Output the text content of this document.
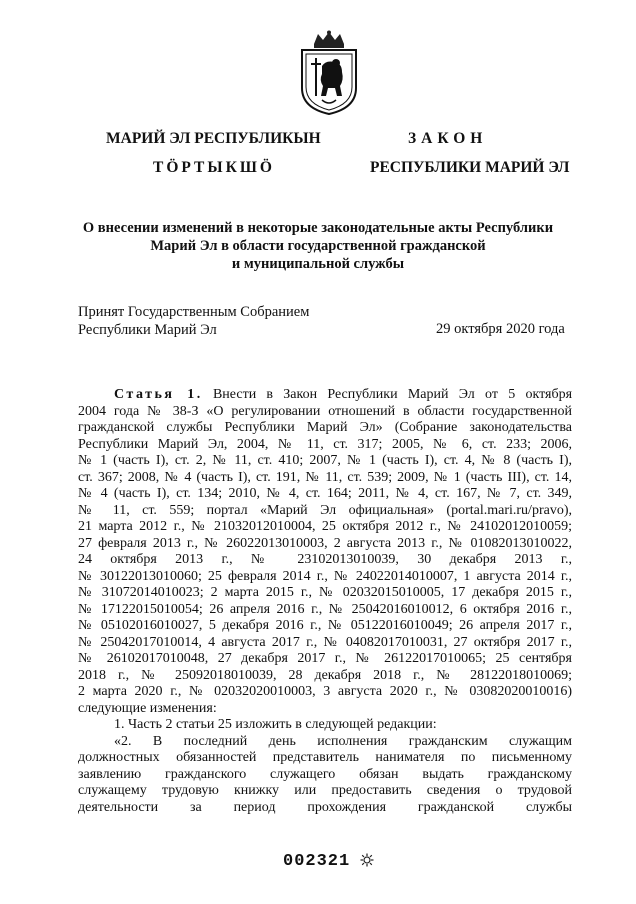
МАРИЙ ЭЛ РЕСПУБЛИКЫН
ТӦРТЫКШӦ
ЗАКОН
РЕСПУБЛИКИ МАРИЙ ЭЛ
О внесении изменений в некоторые законодательные акты Республики
Марий Эл в области государственной гражданской
и муниципальной службы
Принят Государственным Собранием
Республики Марий Эл	29 октября 2020 года
Статья 1. Внести в Закон Республики Марий Эл от 5 октября
2004 года № 38-З «О регулировании отношений в области государственной
гражданской службы Республики Марий Эл» (Собрание законодательства
Республики Марий Эл, 2004, № 11, ст. 317; 2005, № 6, ст. 233; 2006,
№ 1 (часть I), ст. 2, № 11, ст. 410; 2007, № 1 (часть I), ст. 4, № 8 (часть I),
ст. 367; 2008, № 4 (часть I), ст. 191, № 11, ст. 539; 2009, № 1 (часть III), ст. 14,
№ 4 (часть I), ст. 134; 2010, № 4, ст. 164; 2011, № 4, ст. 167, № 7, ст. 349,
№ 11, ст. 559; портал «Марий Эл официальная» (portal.mari.ru/pravo),
21 марта 2012 г., № 21032012010004, 25 октября 2012 г., № 24102012010059;
27 февраля 2013 г., № 26022013010003, 2 августа 2013 г., № 01082013010022,
24 октября 2013 г., № 23102013010039, 30 декабря 2013 г.,
№ 30122013010060; 25 февраля 2014 г., № 24022014010007, 1 августа 2014 г.,
№ 31072014010023; 2 марта 2015 г., № 02032015010005, 17 декабря 2015 г.,
№ 17122015010054; 26 апреля 2016 г., № 25042016010012, 6 октября 2016 г.,
№ 05102016010027, 5 декабря 2016 г., № 05122016010049; 26 апреля 2017 г.,
№ 25042017010014, 4 августа 2017 г., № 04082017010031, 27 октября 2017 г.,
№ 26102017010048, 27 декабря 2017 г., № 26122017010065; 25 сентября
2018 г., № 25092018010039, 28 декабря 2018 г., № 28122018010069;
2 марта 2020 г., № 02032020010003, 3 августа 2020 г., № 03082020010016)
следующие изменения:
1. Часть 2 статьи 25 изложить в следующей редакции:
«2. В последний день исполнения гражданским служащим
должностных обязанностей представитель нанимателя по письменному
заявлению гражданского служащего обязан выдать гражданскому
служащему трудовую книжку или предоставить сведения о трудовой
деятельности за период прохождения гражданской службы
002321
